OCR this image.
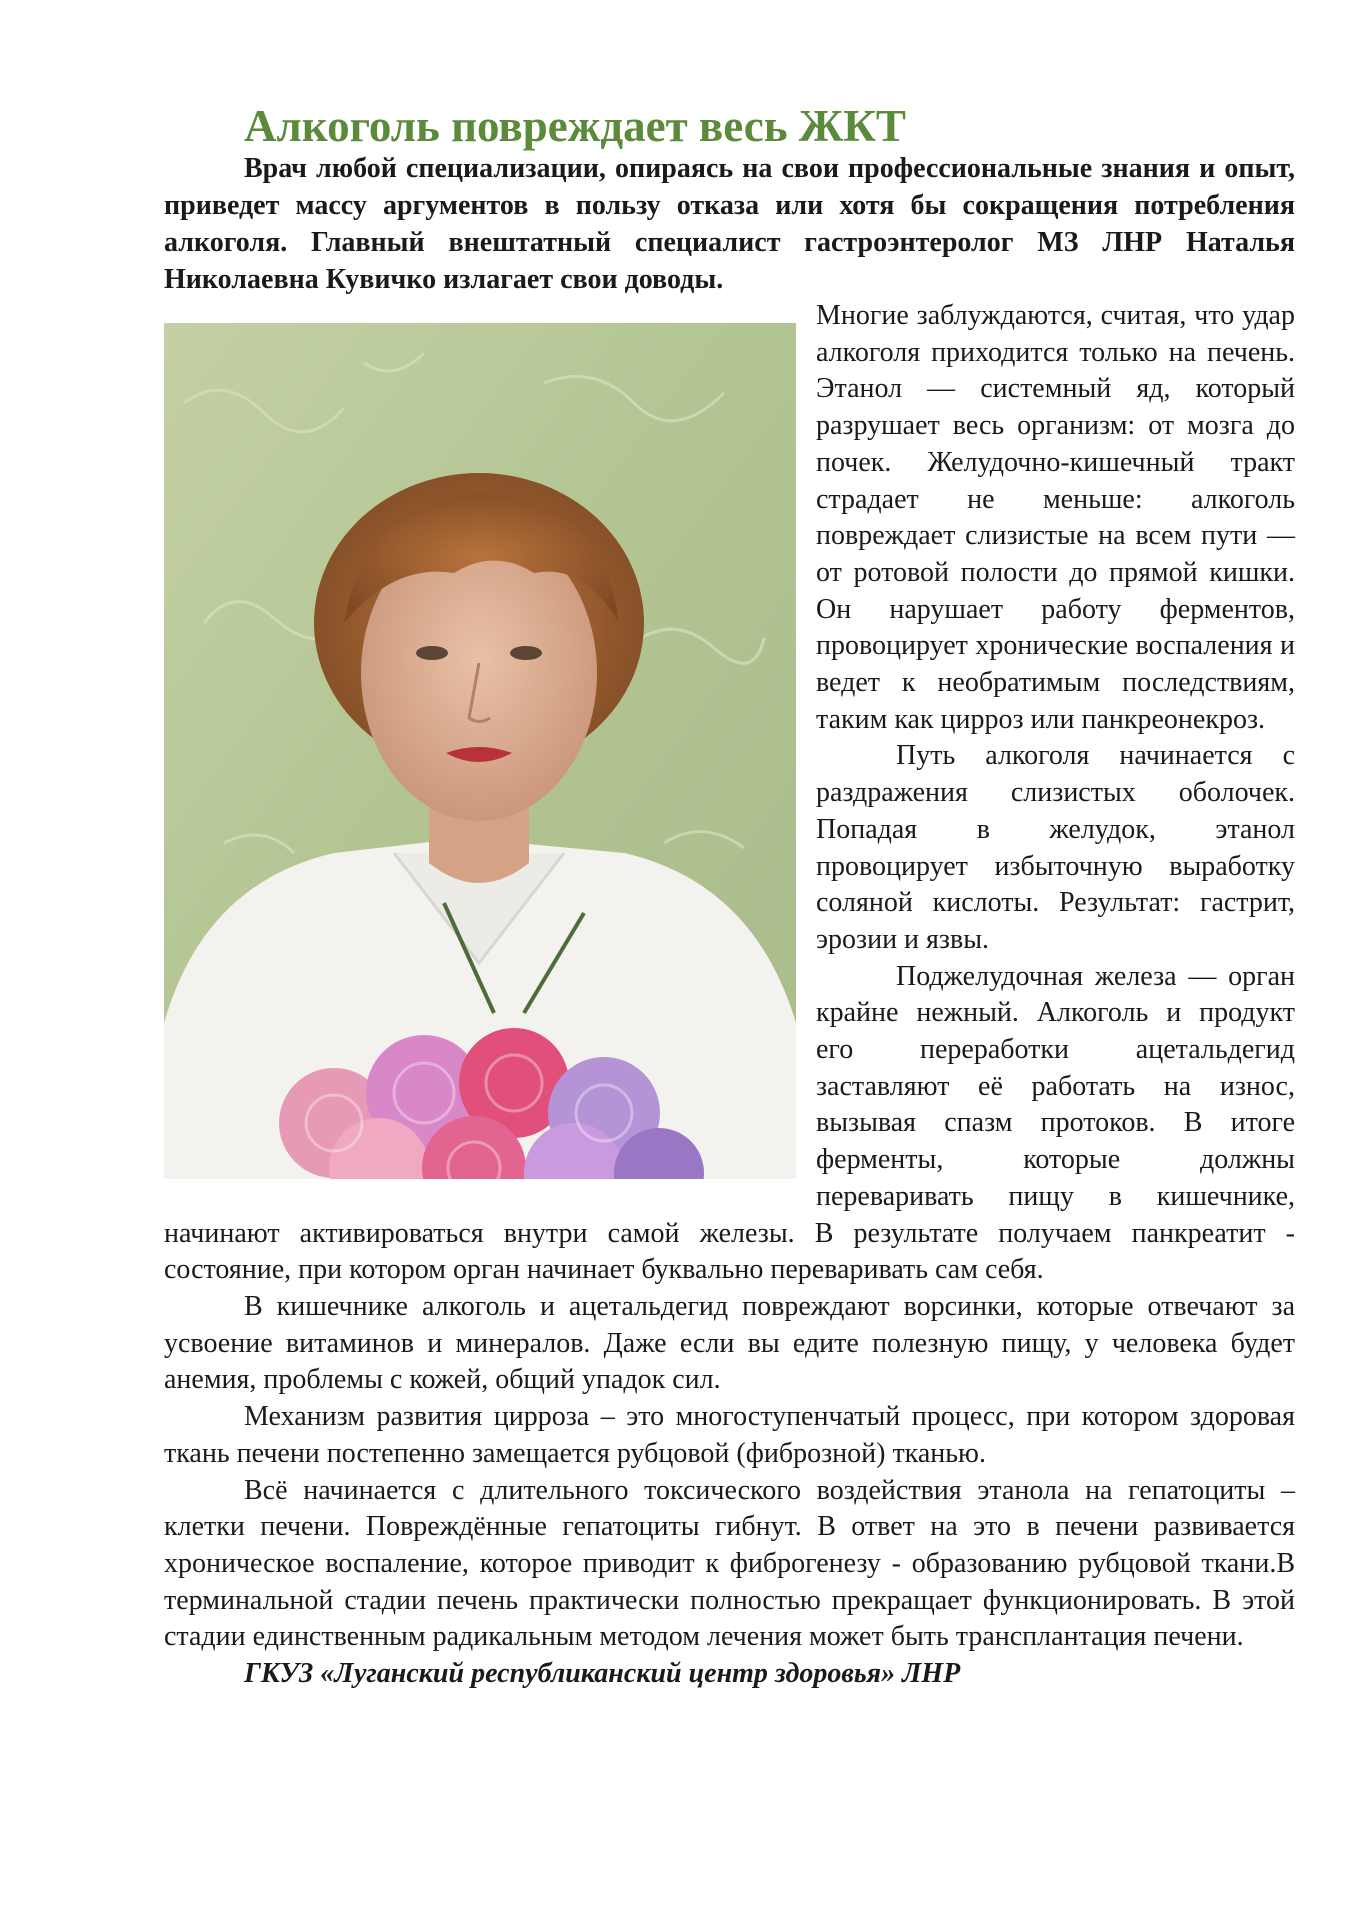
Алкоголь повреждает весь ЖКТ

Врач любой специализации, опираясь на свои профессиональные знания и опыт, приведет массу аргументов в пользу отказа или хотя бы сокращения потребления алкоголя. Главный внештатный специалист гастроэнтеролог МЗ ЛНР Наталья Николаевна Кувичко излагает свои доводы.

Многие заблуждаются, считая, что удар алкоголя приходится только на печень. Этанол — системный яд, который разрушает весь организм: от мозга до почек. Желудочно-кишечный тракт страдает не меньше: алкоголь повреждает слизистые на всем пути — от ротовой полости до прямой кишки. Он нарушает работу ферментов, провоцирует хронические воспаления и ведет к необратимым последствиям, таким как цирроз или панкреонекроз.

Путь алкоголя начинается с раздражения слизистых оболочек. Попадая в желудок, этанол провоцирует избыточную выработку соляной кислоты. Результат: гастрит, эрозии и язвы.

Поджелудочная железа — орган крайне нежный. Алкоголь и продукт его переработки ацетальдегид заставляют её работать на износ, вызывая спазм протоков. В итоге ферменты, которые должны переваривать пищу в кишечнике, начинают активироваться внутри самой железы. В результате получаем панкреатит - состояние, при котором орган начинает буквально переваривать сам себя.

В кишечнике алкоголь и ацетальдегид повреждают ворсинки, которые отвечают за усвоение витаминов и минералов. Даже если вы едите полезную пищу, у человека будет анемия, проблемы с кожей, общий упадок сил.

Механизм развития цирроза – это многоступенчатый процесс, при котором здоровая ткань печени постепенно замещается рубцовой (фиброзной) тканью.

Всё начинается с длительного токсического воздействия этанола на гепатоциты – клетки печени. Повреждённые гепатоциты гибнут. В ответ на это в печени развивается хроническое воспаление, которое приводит к фиброгенезу - образованию рубцовой ткани.В терминальной стадии печень практически полностью прекращает функционировать. В этой стадии единственным радикальным методом лечения может быть трансплантация печени.

ГКУЗ «Луганский республиканский центр здоровья» ЛНР
